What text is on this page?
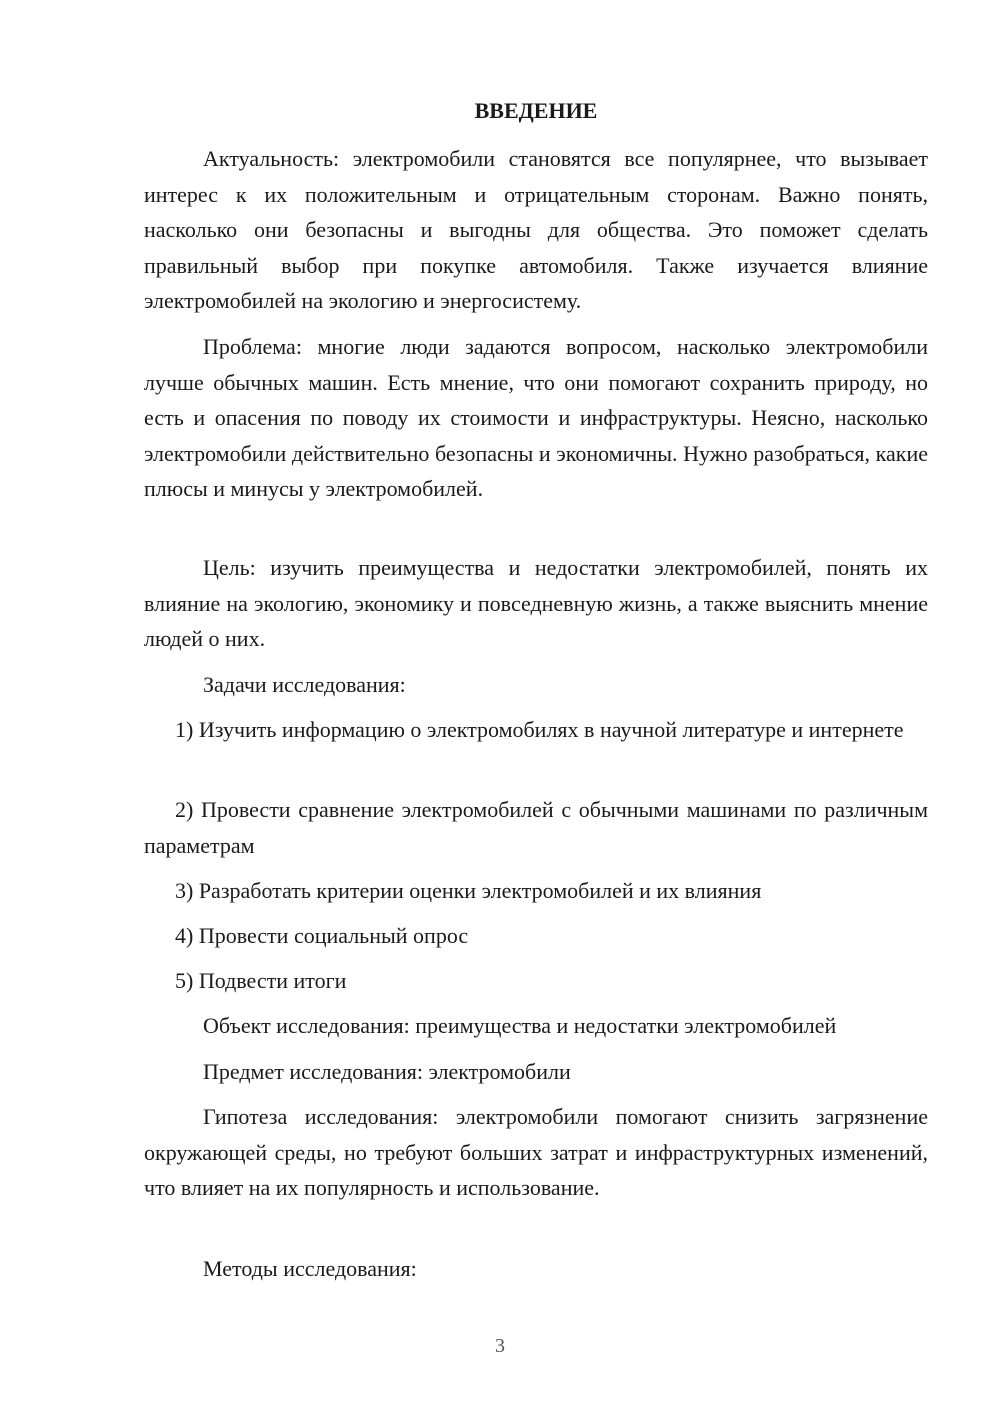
ВВЕДЕНИЕ

Актуальность: электромобили становятся все популярнее, что вызывает интерес к их положительным и отрицательным сторонам. Важно понять, насколько они безопасны и выгодны для общества. Это поможет сделать правильный выбор при покупке автомобиля. Также изучается влияние электромобилей на экологию и энергосистему.

Проблема: многие люди задаются вопросом, насколько электромобили лучше обычных машин. Есть мнение, что они помогают сохранить природу, но есть и опасения по поводу их стоимости и инфраструктуры. Неясно, насколько электромобили действительно безопасны и экономичны. Нужно разобраться, какие плюсы и минусы у электромобилей.

Цель: изучить преимущества и недостатки электромобилей, понять их влияние на экологию, экономику и повседневную жизнь, а также выяснить мнение людей о них.

Задачи исследования:

1) Изучить информацию о электромобилях в научной литературе и интернете

2) Провести сравнение электромобилей с обычными машинами по различным параметрам

3) Разработать критерии оценки электромобилей и их влияния

4) Провести социальный опрос

5) Подвести итоги

Объект исследования: преимущества и недостатки электромобилей

Предмет исследования: электромобили

Гипотеза исследования: электромобили помогают снизить загрязнение окружающей среды, но требуют больших затрат и инфраструктурных изменений, что влияет на их популярность и использование.

Методы исследования:

3
